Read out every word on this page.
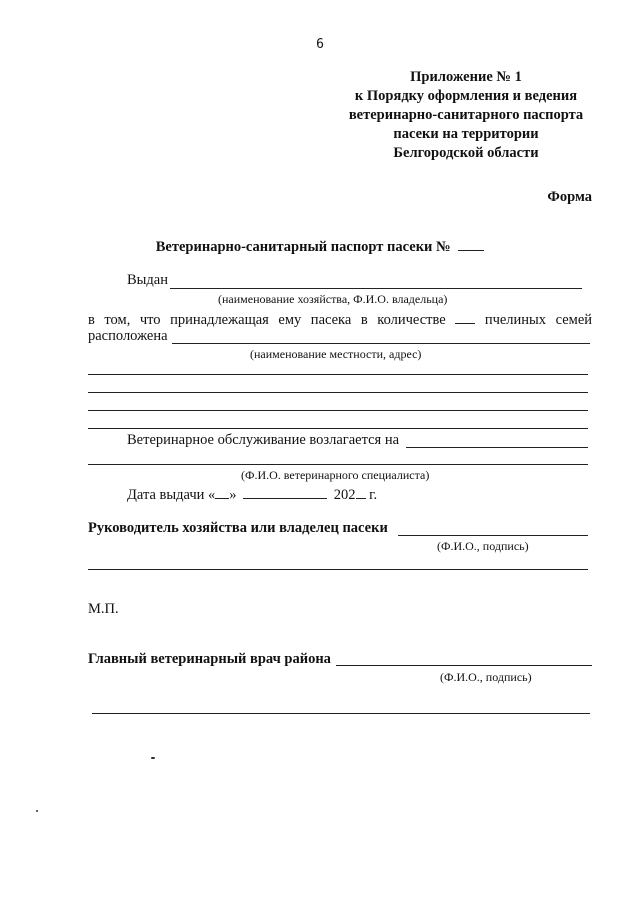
6
Приложение № 1
к Порядку оформления и ведения
ветеринарно-санитарного паспорта
пасеки на территории
Белгородской области
Форма
Ветеринарно-санитарный паспорт пасеки №
Выдан
(наименование хозяйства, Ф.И.О. владельца)
в том, что принадлежащая ему пасека в количестве	пчелиных семей
расположена
(наименование местности, адрес)
Ветеринарное обслуживание возлагается на
(Ф.И.О. ветеринарного специалиста)
Дата выдачи « »	202 г.
Руководитель хозяйства или владелец пасеки
(Ф.И.О., подпись)
М.П.
Главный ветеринарный врач района
(Ф.И.О., подпись)
